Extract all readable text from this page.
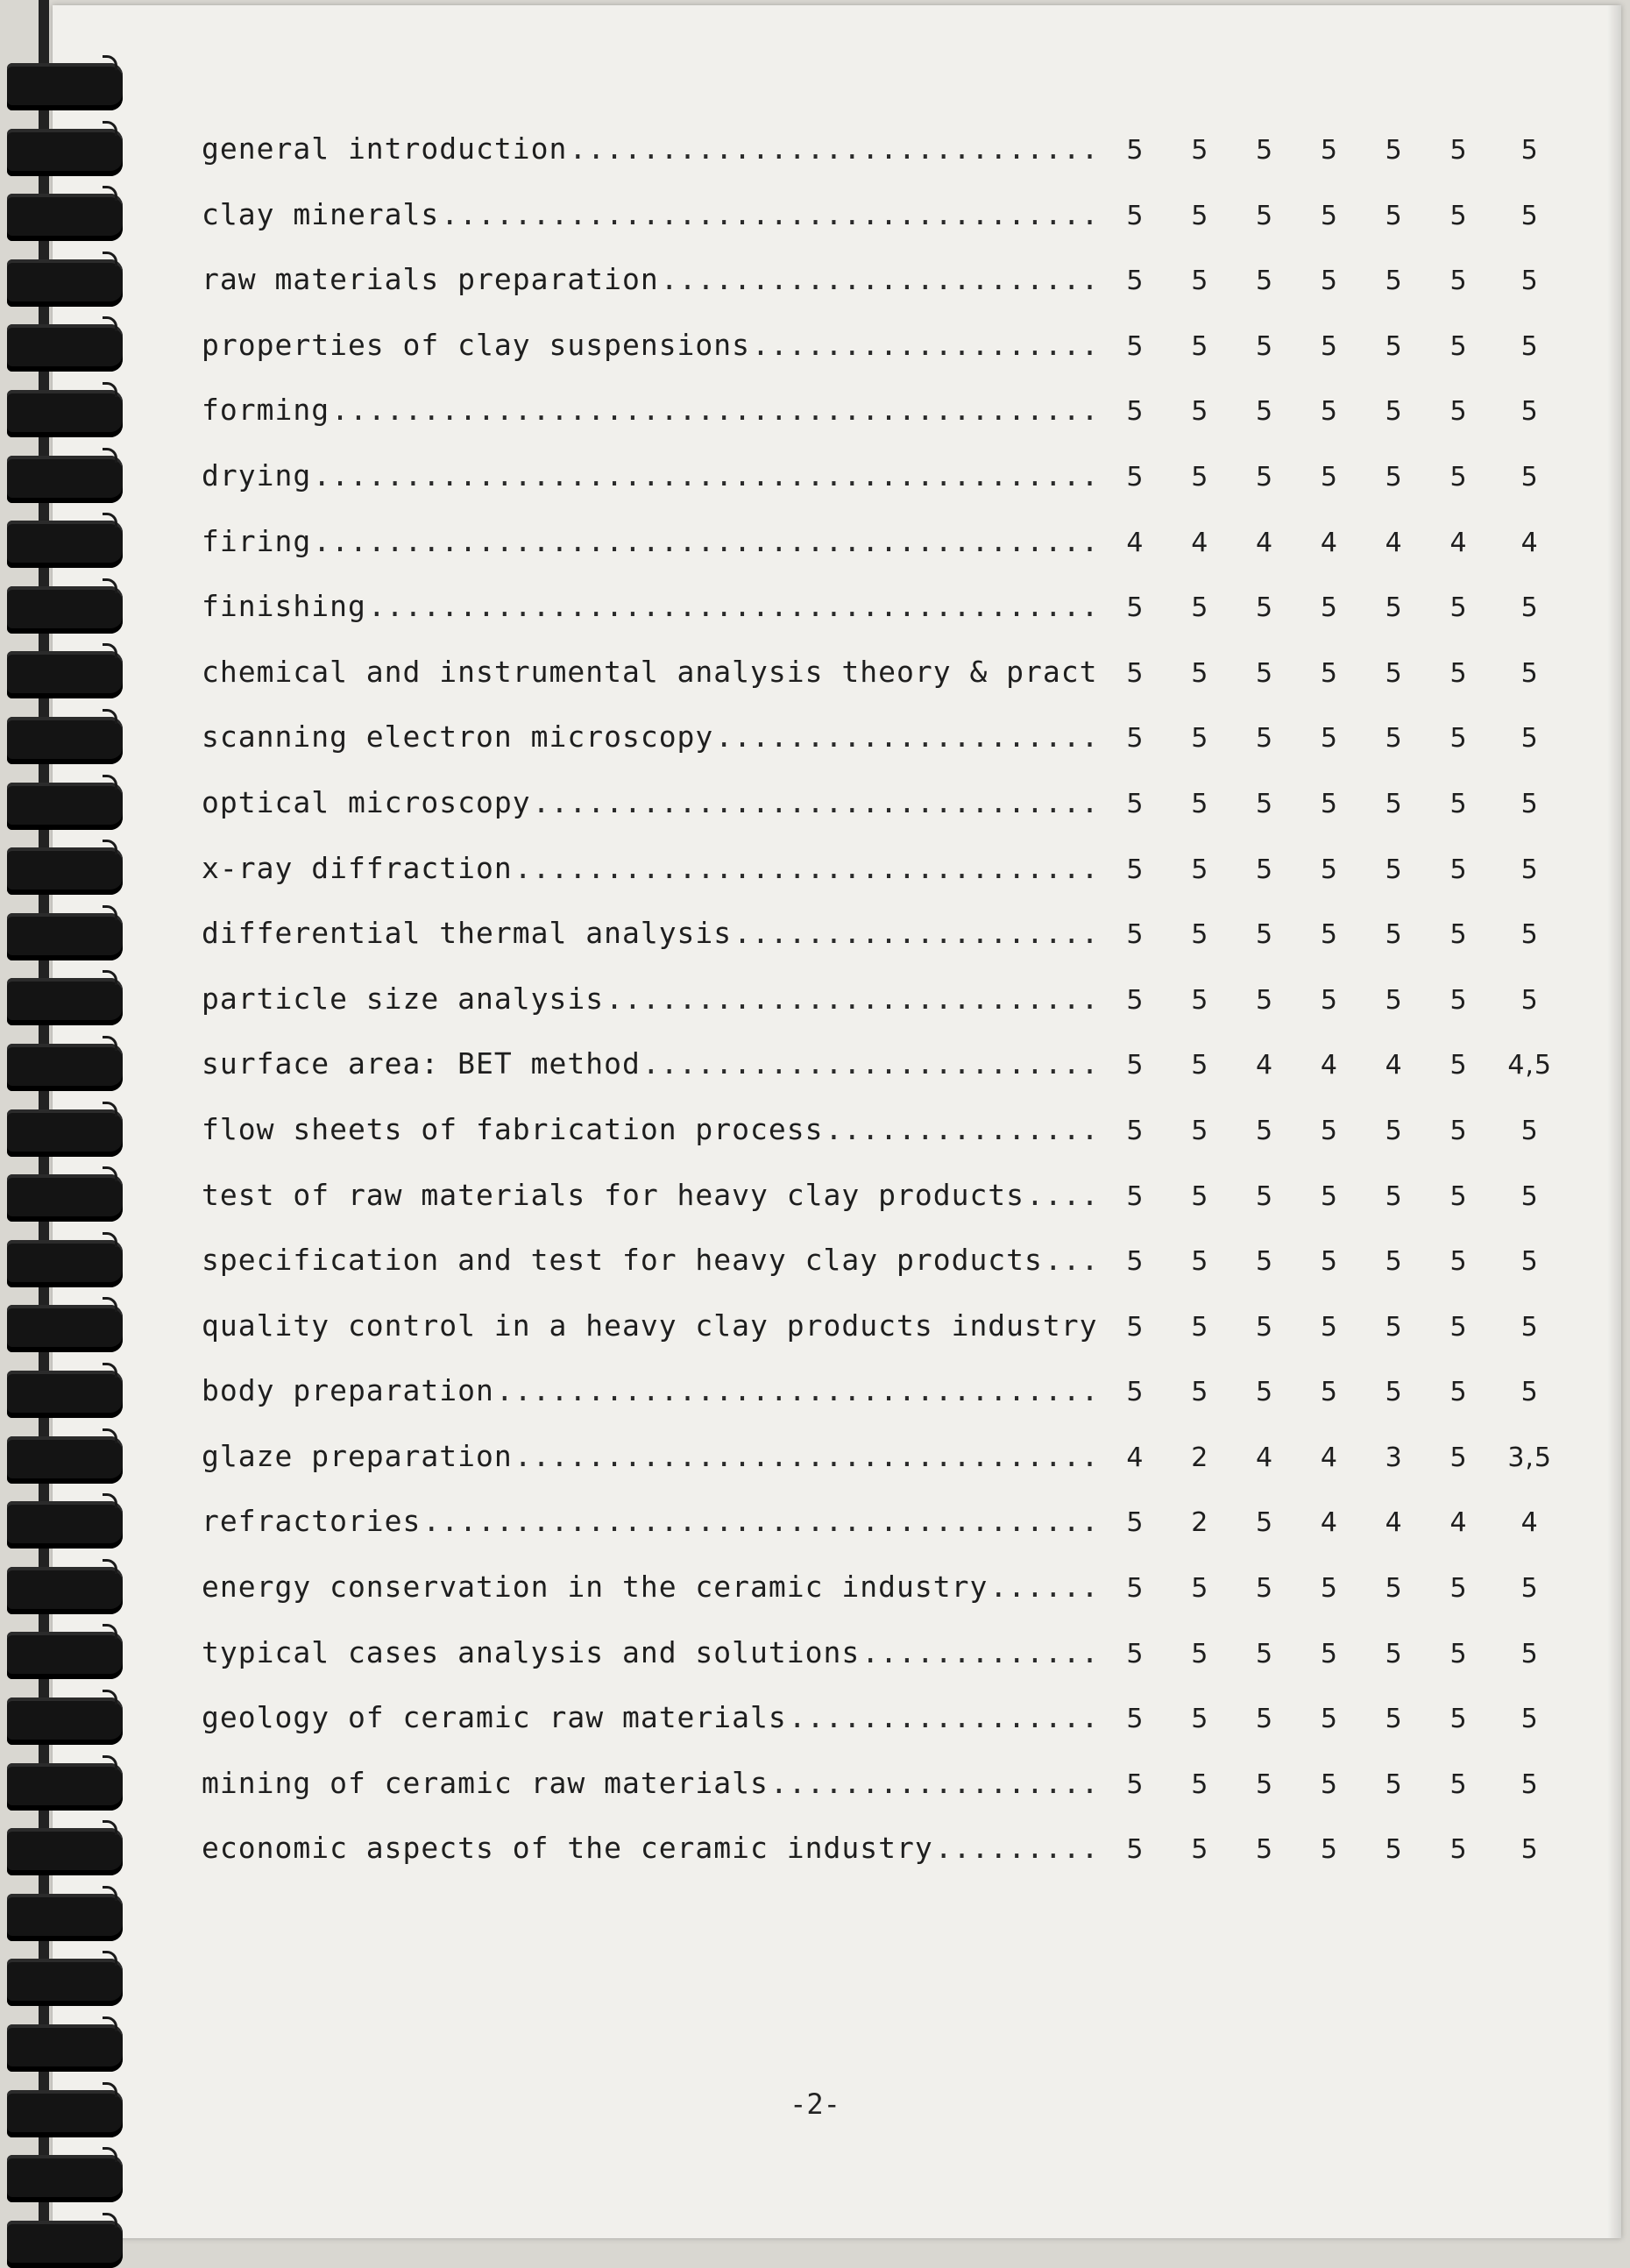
general introduction .....	5	5	5	5	5	5	5
clay minerals .....	5	5	5	5	5	5	5
raw materials preparation .....	5	5	5	5	5	5	5
properties of clay suspensions .....	5	5	5	5	5	5	5
forming .....	5	5	5	5	5	5	5
drying .....	5	5	5	5	5	5	5
firing .....	4	4	4	4	4	4	4
finishing .....	5	5	5	5	5	5	5
chemical and instrumental analysis theory & pract .....	5	5	5	5	5	5	5
scanning electron microscopy .....	5	5	5	5	5	5	5
optical microscopy .....	5	5	5	5	5	5	5
x-ray diffraction .....	5	5	5	5	5	5	5
differential thermal analysis .....	5	5	5	5	5	5	5
particle size analysis .....	5	5	5	5	5	5	5
surface area: BET method .....	5	5	4	4	4	5	4,5
flow sheets of fabrication process .....	5	5	5	5	5	5	5
test of raw materials for heavy clay products .....	5	5	5	5	5	5	5
specification and test for heavy clay products .....	5	5	5	5	5	5	5
quality control in a heavy clay products industry .....	5	5	5	5	5	5	5
body preparation .....	5	5	5	5	5	5	5
glaze preparation .....	4	2	4	4	3	5	3,5
refractories .....	5	2	5	4	4	4	4
energy conservation in the ceramic industry .....	5	5	5	5	5	5	5
typical cases analysis and solutions .....	5	5	5	5	5	5	5
geology of ceramic raw materials .....	5	5	5	5	5	5	5
mining of ceramic raw materials .....	5	5	5	5	5	5	5
economic aspects of the ceramic industry .....	5	5	5	5	5	5	5
-2-
